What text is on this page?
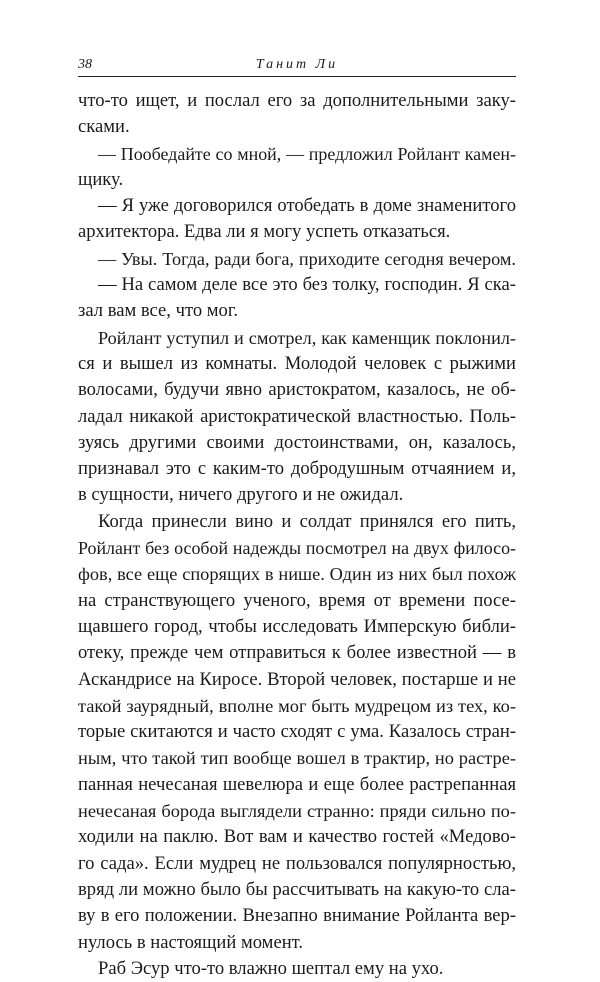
38	Танит Ли
что-то ищет, и послал его за дополнительными заку-
сками.
— Пообедайте со мной, — предложил Ройлант камен-
щику.
— Я уже договорился отобедать в доме знаменитого
архитектора. Едва ли я могу успеть отказаться.
— Увы. Тогда, ради бога, приходите сегодня вечером.
— На самом деле все это без толку, господин. Я ска-
зал вам все, что мог.
Ройлант уступил и смотрел, как каменщик поклонил-
ся и вышел из комнаты. Молодой человек с рыжими
волосами, будучи явно аристократом, казалось, не об-
ладал никакой аристократической властностью. Поль-
зуясь другими своими достоинствами, он, казалось,
признавал это с каким-то добродушным отчаянием и,
в сущности, ничего другого и не ожидал.
Когда принесли вино и солдат принялся его пить,
Ройлант без особой надежды посмотрел на двух филосо-
фов, все еще спорящих в нише. Один из них был похож
на странствующего ученого, время от времени посе-
щавшего город, чтобы исследовать Имперскую библи-
отеку, прежде чем отправиться к более известной — в
Аскандрисе на Киросе. Второй человек, постарше и не
такой заурядный, вполне мог быть мудрецом из тех, ко-
торые скитаются и часто сходят с ума. Казалось стран-
ным, что такой тип вообще вошел в трактир, но растре-
панная нечесаная шевелюра и еще более растрепанная
нечесаная борода выглядели странно: пряди сильно по-
ходили на паклю. Вот вам и качество гостей «Медово-
го сада». Если мудрец не пользовался популярностью,
вряд ли можно было бы рассчитывать на какую-то сла-
ву в его положении. Внезапно внимание Ройланта вер-
нулось в настоящий момент.
Раб Эсур что-то влажно шептал ему на ухо.
